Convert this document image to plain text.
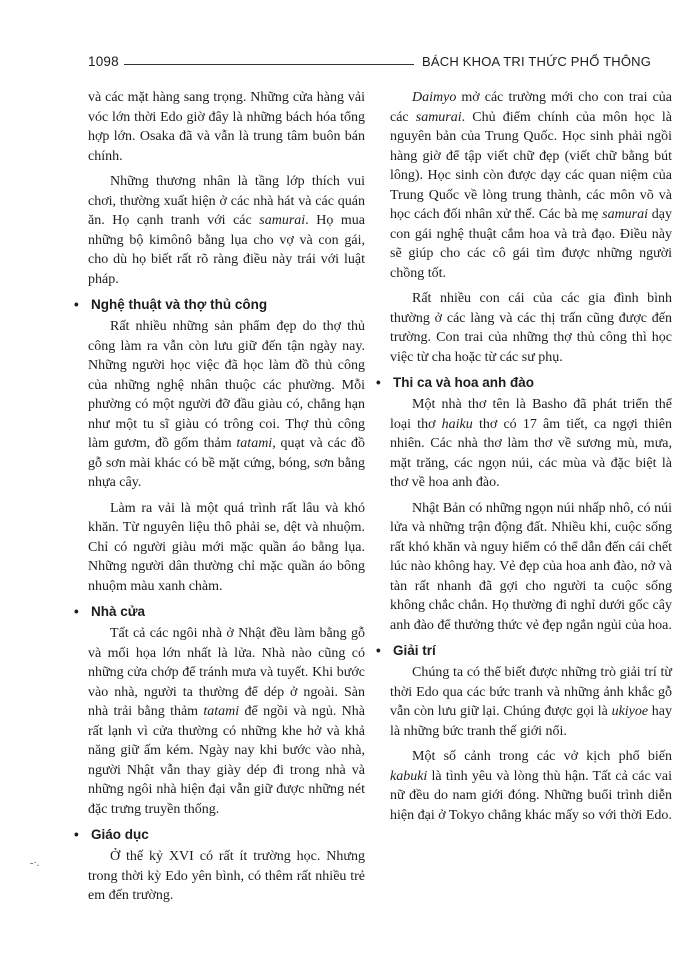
1098	BÁCH KHOA TRI THỨC PHỔ THÔNG

và các mặt hàng sang trọng. Những cửa hàng vải vóc lớn thời Edo giờ đây là những bách hóa tổng hợp lớn. Osaka đã và vẫn là trung tâm buôn bán chính.

Những thương nhân là tầng lớp thích vui chơi, thường xuất hiện ở các nhà hát và các quán ăn. Họ cạnh tranh với các samurai. Họ mua những bộ kimônô bằng lụa cho vợ và con gái, cho dù họ biết rất rõ ràng điều này trái với luật pháp.

• Nghệ thuật và thợ thủ công

Rất nhiều những sản phẩm đẹp do thợ thủ công làm ra vẫn còn lưu giữ đến tận ngày nay. Những người học việc đã học làm đồ thủ công của những nghệ nhân thuộc các phường. Mỗi phường có một người đỡ đầu giàu có, chẳng hạn như một tu sĩ giàu có trông coi. Thợ thủ công làm gươm, đồ gốm thảm tatami, quạt và các đồ gỗ sơn mài khác có bề mặt cứng, bóng, sơn bằng nhựa cây.

Làm ra vải là một quá trình rất lâu và khó khăn. Từ nguyên liệu thô phải se, dệt và nhuộm. Chỉ có người giàu mới mặc quần áo bằng lụa. Những người dân thường chỉ mặc quần áo bông nhuộm màu xanh chàm.

• Nhà cửa

Tất cả các ngôi nhà ở Nhật đều làm bằng gỗ và mối họa lớn nhất là lửa. Nhà nào cũng có những cửa chớp để tránh mưa và tuyết. Khi bước vào nhà, người ta thường để dép ở ngoài. Sàn nhà trải bằng thảm tatami để ngồi và ngủ. Nhà rất lạnh vì cửa thường có những khe hở và khả năng giữ ấm kém. Ngày nay khi bước vào nhà, người Nhật vẫn thay giày dép đi trong nhà và những ngôi nhà hiện đại vẫn giữ được những nét đặc trưng truyền thống.

• Giáo dục

Ở thế kỷ XVI có rất ít trường học. Nhưng trong thời kỳ Edo yên bình, có thêm rất nhiều trẻ em đến trường.

Daimyo mở các trường mới cho con trai của các samurai. Chủ điểm chính của môn học là nguyên bản của Trung Quốc. Học sinh phải ngồi hàng giờ để tập viết chữ đẹp (viết chữ bằng bút lông). Học sinh còn được dạy các quan niệm của Trung Quốc về lòng trung thành, các môn võ và học cách đối nhân xử thế. Các bà mẹ samurai dạy con gái nghệ thuật cắm hoa và trà đạo. Điều này sẽ giúp cho các cô gái tìm được những người chồng tốt.

Rất nhiều con cái của các gia đình bình thường ở các làng và các thị trấn cũng được đến trường. Con trai của những thợ thủ công thì học việc từ cha hoặc từ các sư phụ.

• Thi ca và hoa anh đào

Một nhà thơ tên là Basho đã phát triển thể loại thơ haiku thơ có 17 âm tiết, ca ngợi thiên nhiên. Các nhà thơ làm thơ về sương mù, mưa, mặt trăng, các ngọn núi, các mùa và đặc biệt là thơ về hoa anh đào.

Nhật Bản có những ngọn núi nhấp nhô, có núi lửa và những trận động đất. Nhiều khi, cuộc sống rất khó khăn và nguy hiểm có thể dẫn đến cái chết lúc nào không hay. Vẻ đẹp của hoa anh đào, nở và tàn rất nhanh đã gợi cho người ta cuộc sống không chắc chắn. Họ thường đi nghỉ dưới gốc cây anh đào để thưởng thức vẻ đẹp ngắn ngủi của hoa.

• Giải trí

Chúng ta có thể biết được những trò giải trí từ thời Edo qua các bức tranh và những ảnh khắc gỗ vẫn còn lưu giữ lại. Chúng được gọi là ukiyoe hay là những bức tranh thế giới nổi.

Một số cảnh trong các vở kịch phổ biến kabuki là tình yêu và lòng thù hận. Tất cả các vai nữ đều do nam giới đóng. Những buổi trình diễn hiện đại ở Tokyo chẳng khác mấy so với thời Edo.

-·.
